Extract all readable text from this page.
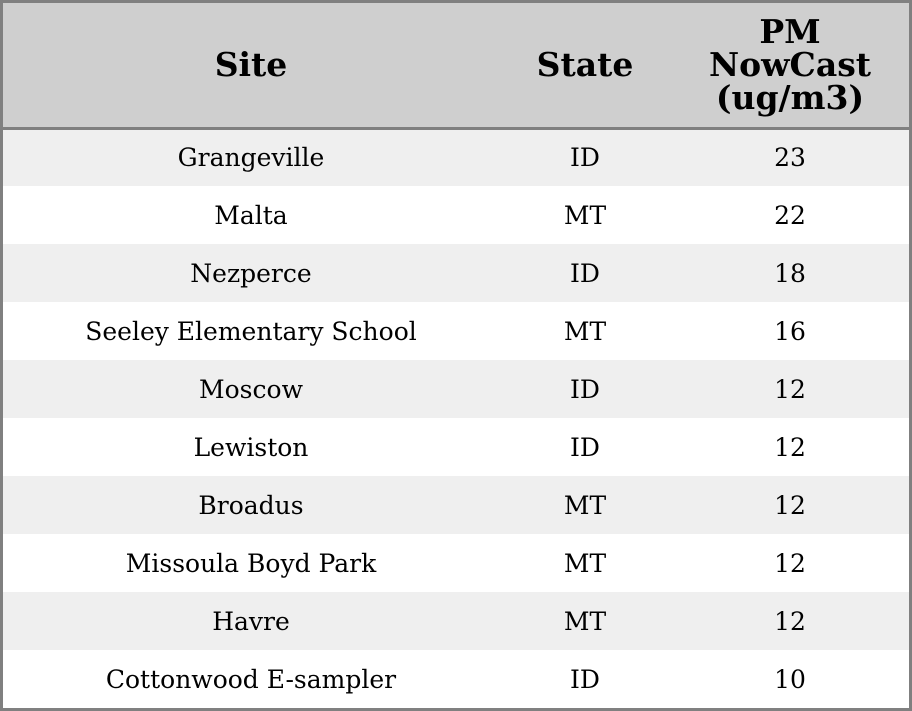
Site	State	PM
NowCast
(ug/m3)
Grangeville	ID	23
Malta	MT	22
Nezperce	ID	18
Seeley Elementary School	MT	16
Moscow	ID	12
Lewiston	ID	12
Broadus	MT	12
Missoula Boyd Park	MT	12
Havre	MT	12
Cottonwood E-sampler	ID	10
